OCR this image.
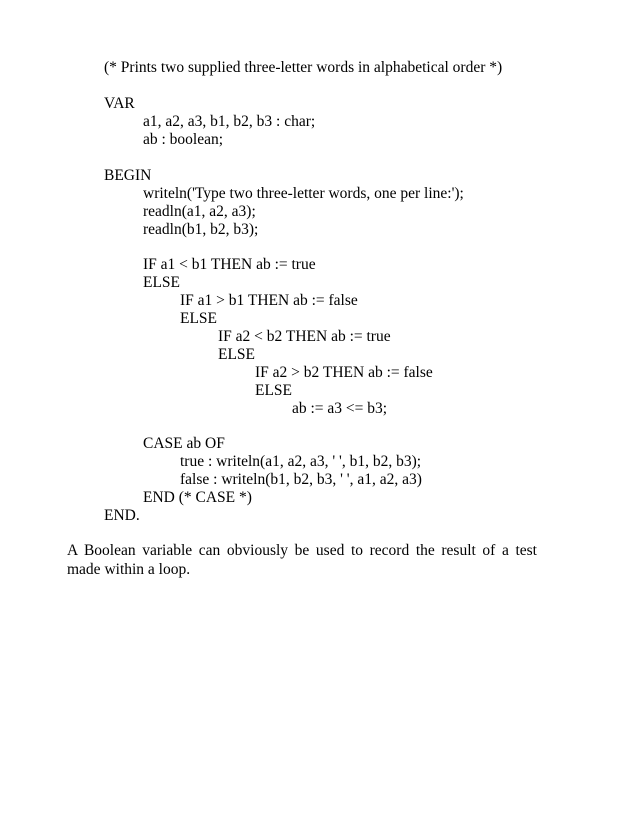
(* Prints two supplied three-letter words in alphabetical order *)
VAR
a1, a2, a3, b1, b2, b3 : char;
ab : boolean;
BEGIN
writeln('Type two three-letter words, one per line:');
readln(a1, a2, a3);
readln(b1, b2, b3);
IF a1 < b1 THEN ab := true
ELSE
IF a1 > b1 THEN ab := false
ELSE
IF a2 < b2 THEN ab := true
ELSE
IF a2 > b2 THEN ab := false
ELSE
ab := a3 <= b3;
CASE ab OF
true : writeln(a1, a2, a3, ' ', b1, b2, b3);
false : writeln(b1, b2, b3, ' ', a1, a2, a3)
END (* CASE *)
END.

A Boolean variable can obviously be used to record the result of a test made within a loop.
